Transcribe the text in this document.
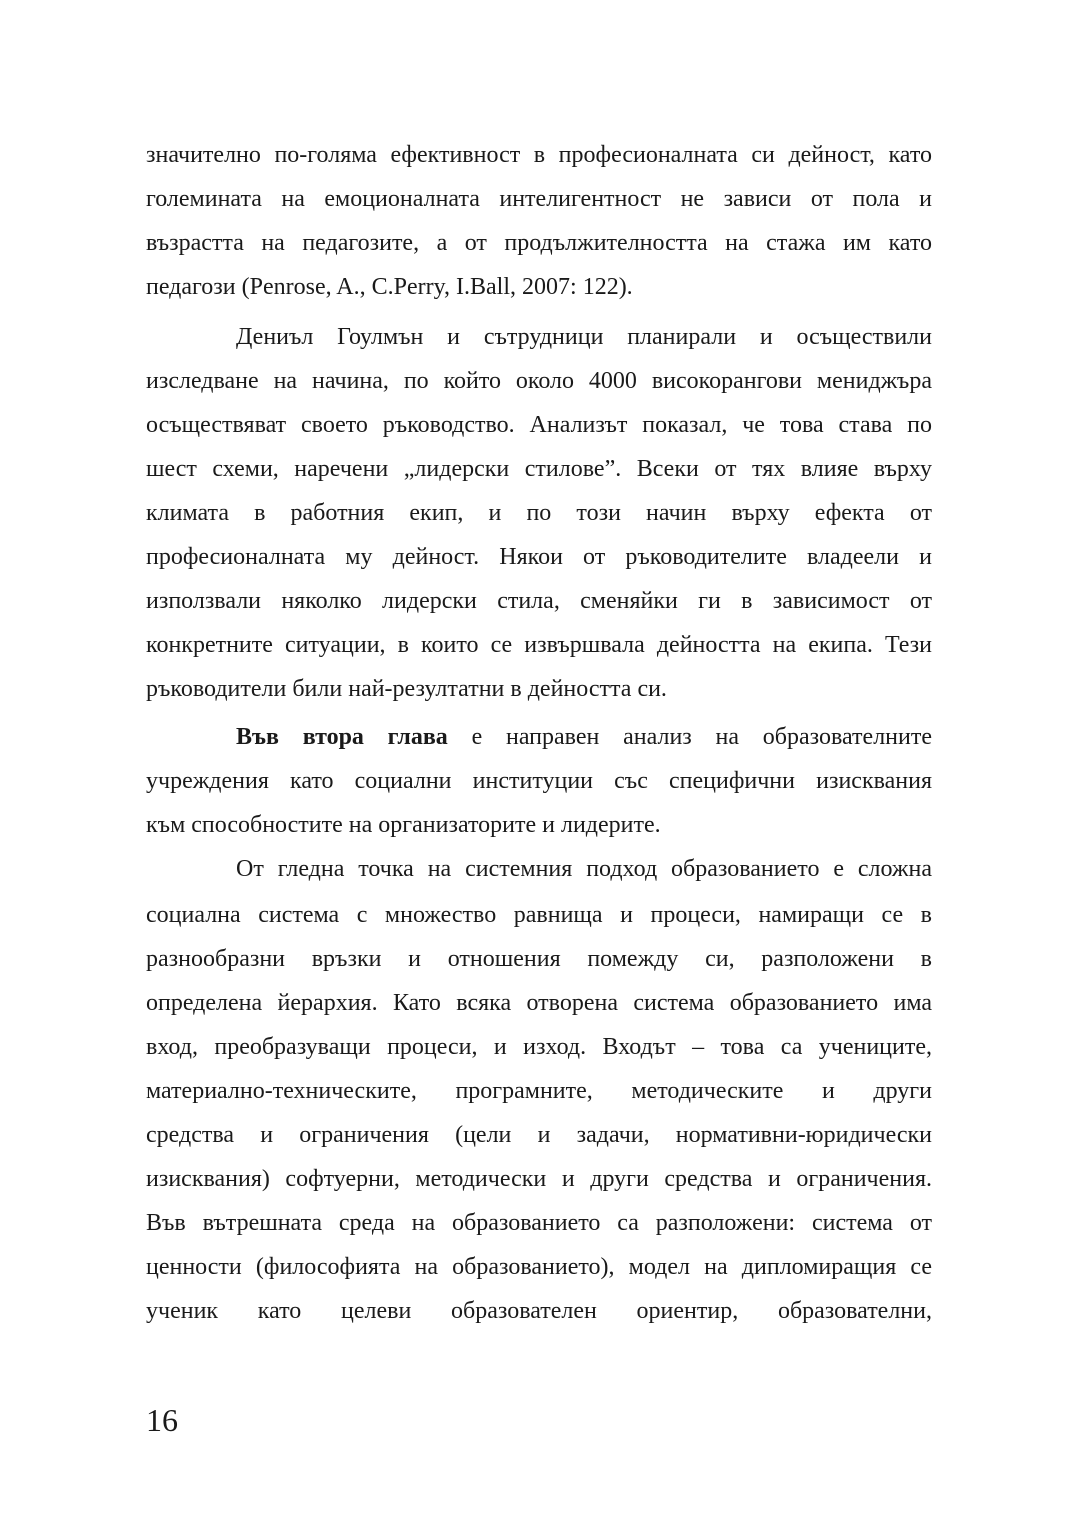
значително по-голяма ефективност в професионалната си дейност, като
големината на емоционалната интелигентност не зависи от пола и
възрастта на педагозите, а от продължителността на стажа им като
педагози (Penrose, A., C.Perry, I.Ball, 2007: 122).
Дениъл Гоулмън и сътрудници планирали и осъществили
изследване на начина, по който около 4000 високорангови мениджъра
осъществяват своето ръководство. Анализът показал, че това става по
шест схеми, наречени „лидерски стилове”. Всеки от тях влияе върху
климата в работния екип, и по този начин върху ефекта от
професионалната му дейност. Някои от ръководителите владеели и
използвали няколко лидерски стила, сменяйки ги в зависимост от
конкретните ситуации, в които се извършвала дейността на екипа. Тези
ръководители били най-резултатни в дейността си.
Във втора глава е направен анализ на образователните
учреждения като социални институции със специфични изисквания
към способностите на организаторите и лидерите.
От гледна точка на системния подход образованието е сложна
социална система с множество равнища и процеси, намиращи се в
разнообразни връзки и отношения помежду си, разположени в
определена йерархия. Като всяка отворена система образованието има
вход, преобразуващи процеси, и изход. Входът – това са учениците,
материално-техническите, програмните, методическите и други
средства и ограничения (цели и задачи, нормативни-юридически
изисквания) софтуерни, методически и други средства и ограничения.
Във вътрешната среда на образованието са разположени: система от
ценности (философията на образованието), модел на дипломиращия се
ученик като целеви образователен ориентир, образователни,
16
